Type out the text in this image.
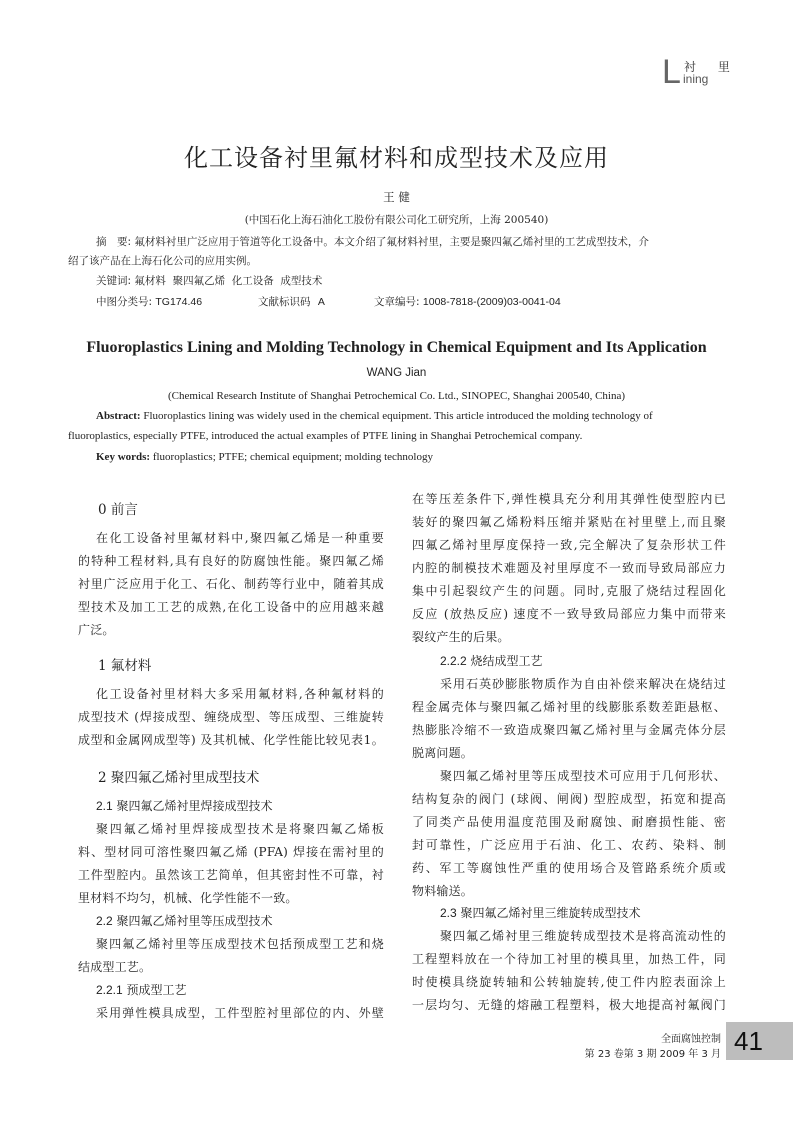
L 衬 里
ining
化工设备衬里氟材料和成型技术及应用
王 健
(中国石化上海石油化工股份有限公司化工研究所，上海 200540)
摘　要: 氟材料衬里广泛应用于管道等化工设备中。本文介绍了氟材料衬里，主要是聚四氟乙烯衬里的工艺成型技术，介
绍了该产品在上海石化公司的应用实例。
关键词: 氟材料  聚四氟乙烯  化工设备  成型技术
中图分类号: TG174.46	文献标识码 A	文章编号: 1008-7818-(2009)03-0041-04
Fluoroplastics Lining and Molding Technology in Chemical Equipment and Its Application
WANG Jian
(Chemical Research Institute of Shanghai Petrochemical Co. Ltd., SINOPEC, Shanghai 200540, China)
Abstract: Fluoroplastics lining was widely used in the chemical equipment. This article introduced the molding technology of
fluoroplastics, especially PTFE, introduced the actual examples of PTFE lining in Shanghai Petrochemical company.
Key words: fluoroplastics; PTFE; chemical equipment; molding technology
0 前言
在化工设备衬里氟材料中,聚四氟乙烯是一种重要
的特种工程材料,具有良好的防腐蚀性能。聚四氟乙烯
衬里广泛应用于化工、石化、制药等行业中，随着其成
型技术及加工工艺的成熟,在化工设备中的应用越来越
广泛。
1 氟材料
化工设备衬里材料大多采用氟材料,各种氟材料的
成型技术 (焊接成型、缠绕成型、等压成型、三维旋转
成型和金属网成型等) 及其机械、化学性能比较见表1。
2 聚四氟乙烯衬里成型技术
2.1 聚四氟乙烯衬里焊接成型技术
聚四氟乙烯衬里焊接成型技术是将聚四氟乙烯板
料、型材同可溶性聚四氟乙烯 (PFA) 焊接在需衬里的
工件型腔内。虽然该工艺简单，但其密封性不可靠，衬
里材料不均匀，机械、化学性能不一致。
2.2 聚四氟乙烯衬里等压成型技术
聚四氟乙烯衬里等压成型技术包括预成型工艺和烧
结成型工艺。
2.2.1 预成型工艺
采用弹性模具成型，工件型腔衬里部位的内、外壁
在等压差条件下,弹性模具充分利用其弹性使型腔内已
装好的聚四氟乙烯粉料压缩并紧贴在衬里壁上,而且聚
四氟乙烯衬里厚度保持一致,完全解决了复杂形状工件
内腔的制模技术难题及衬里厚度不一致而导致局部应力
集中引起裂纹产生的问题。同时,克服了烧结过程固化
反应 (放热反应) 速度不一致导致局部应力集中而带来
裂纹产生的后果。
2.2.2 烧结成型工艺
采用石英砂膨胀物质作为自由补偿来解决在烧结过
程金属壳体与聚四氟乙烯衬里的线膨胀系数差距悬枢、
热膨胀冷缩不一致造成聚四氟乙烯衬里与金属壳体分层
脱离问题。
聚四氟乙烯衬里等压成型技术可应用于几何形状、
结构复杂的阀门 (球阀、闸阀) 型腔成型，拓宽和提高
了同类产品使用温度范围及耐腐蚀、耐磨损性能、密
封可靠性，广泛应用于石油、化工、农药、染料、制
药、军工等腐蚀性严重的使用场合及管路系统介质或
物料输送。
2.3 聚四氟乙烯衬里三维旋转成型技术
聚四氟乙烯衬里三维旋转成型技术是将高流动性的
工程塑料放在一个待加工衬里的模具里，加热工件，同
时使模具绕旋转轴和公转轴旋转,使工件内腔表面涂上
一层均匀、无缝的熔融工程塑料，极大地提高衬氟阀门
全面腐蚀控制
第 23 卷第 3 期 2009 年 3 月 41
